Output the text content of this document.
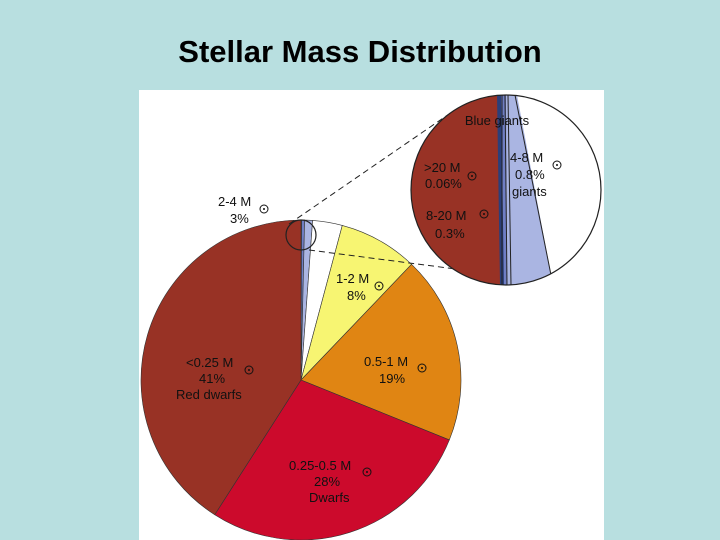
Stellar Mass Distribution
Blue giants
>20 M
0.06%
8-20 M
0.3%
4-8 M
0.8%
giants
2-4 M
3%
1-2 M
8%
0.5-1 M
19%
<0.25 M
41%
Red dwarfs
0.25-0.5 M
28%
Dwarfs
